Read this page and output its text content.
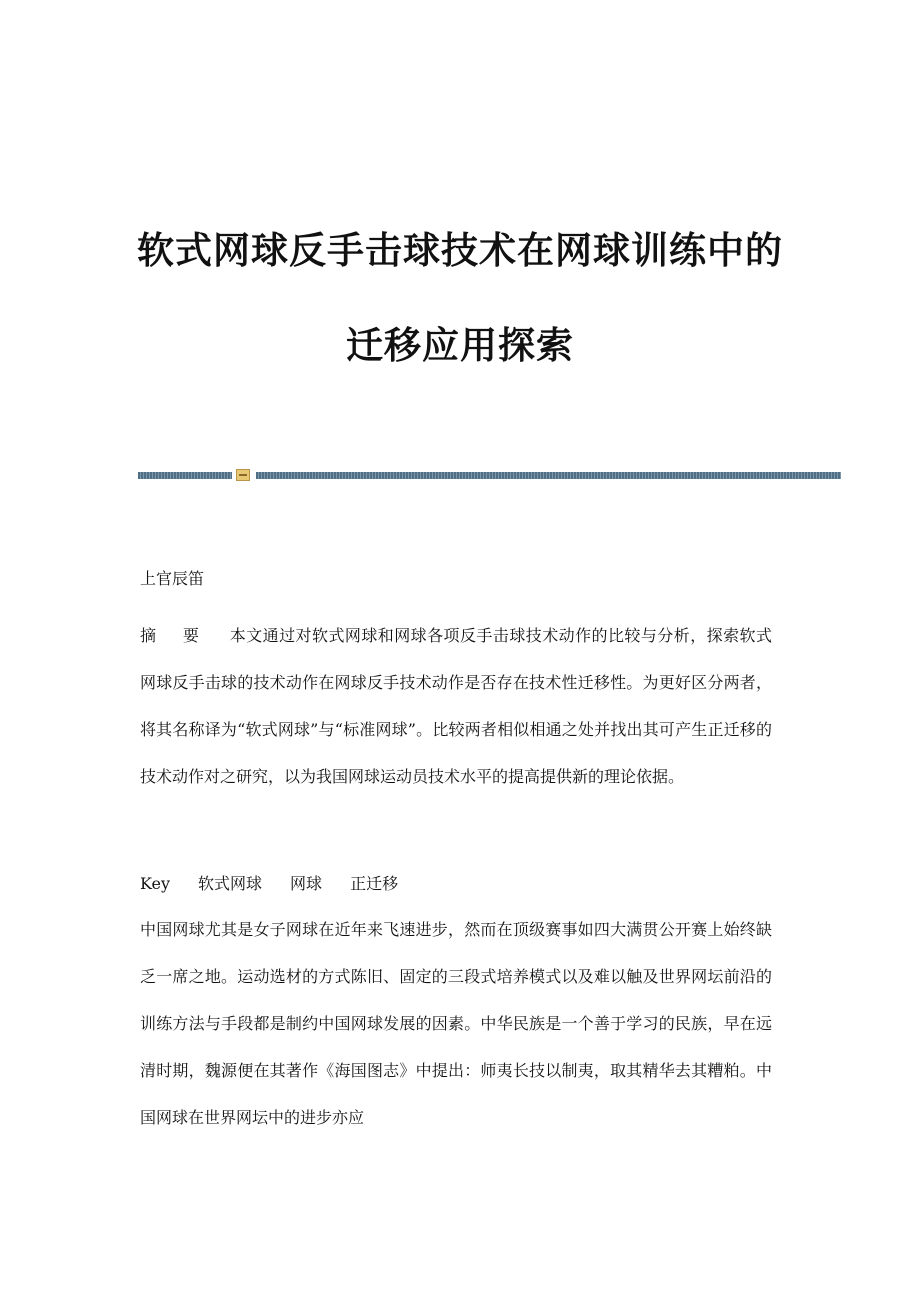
软式网球反手击球技术在网球训练中的
迁移应用探索

上官辰笛

摘 要 本文通过对软式网球和网球各项反手击球技术动作的比较与分析，探索软式网球反手击球的技术动作在网球反手技术动作是否存在技术性迁移性。为更好区分两者，将其名称译为“软式网球”与“标准网球”。比较两者相似相通之处并找出其可产生正迁移的技术动作对之研究，以为我国网球运动员技术水平的提高提供新的理论依据。

Key 软式网球 网球 正迁移

中国网球尤其是女子网球在近年来飞速进步，然而在顶级赛事如四大满贯公开赛上始终缺乏一席之地。运动选材的方式陈旧、固定的三段式培养模式以及难以触及世界网坛前沿的训练方法与手段都是制约中国网球发展的因素。中华民族是一个善于学习的民族，早在远清时期，魏源便在其著作《海国图志》中提出：师夷长技以制夷，取其精华去其糟粕。中国网球在世界网坛中的进步亦应
